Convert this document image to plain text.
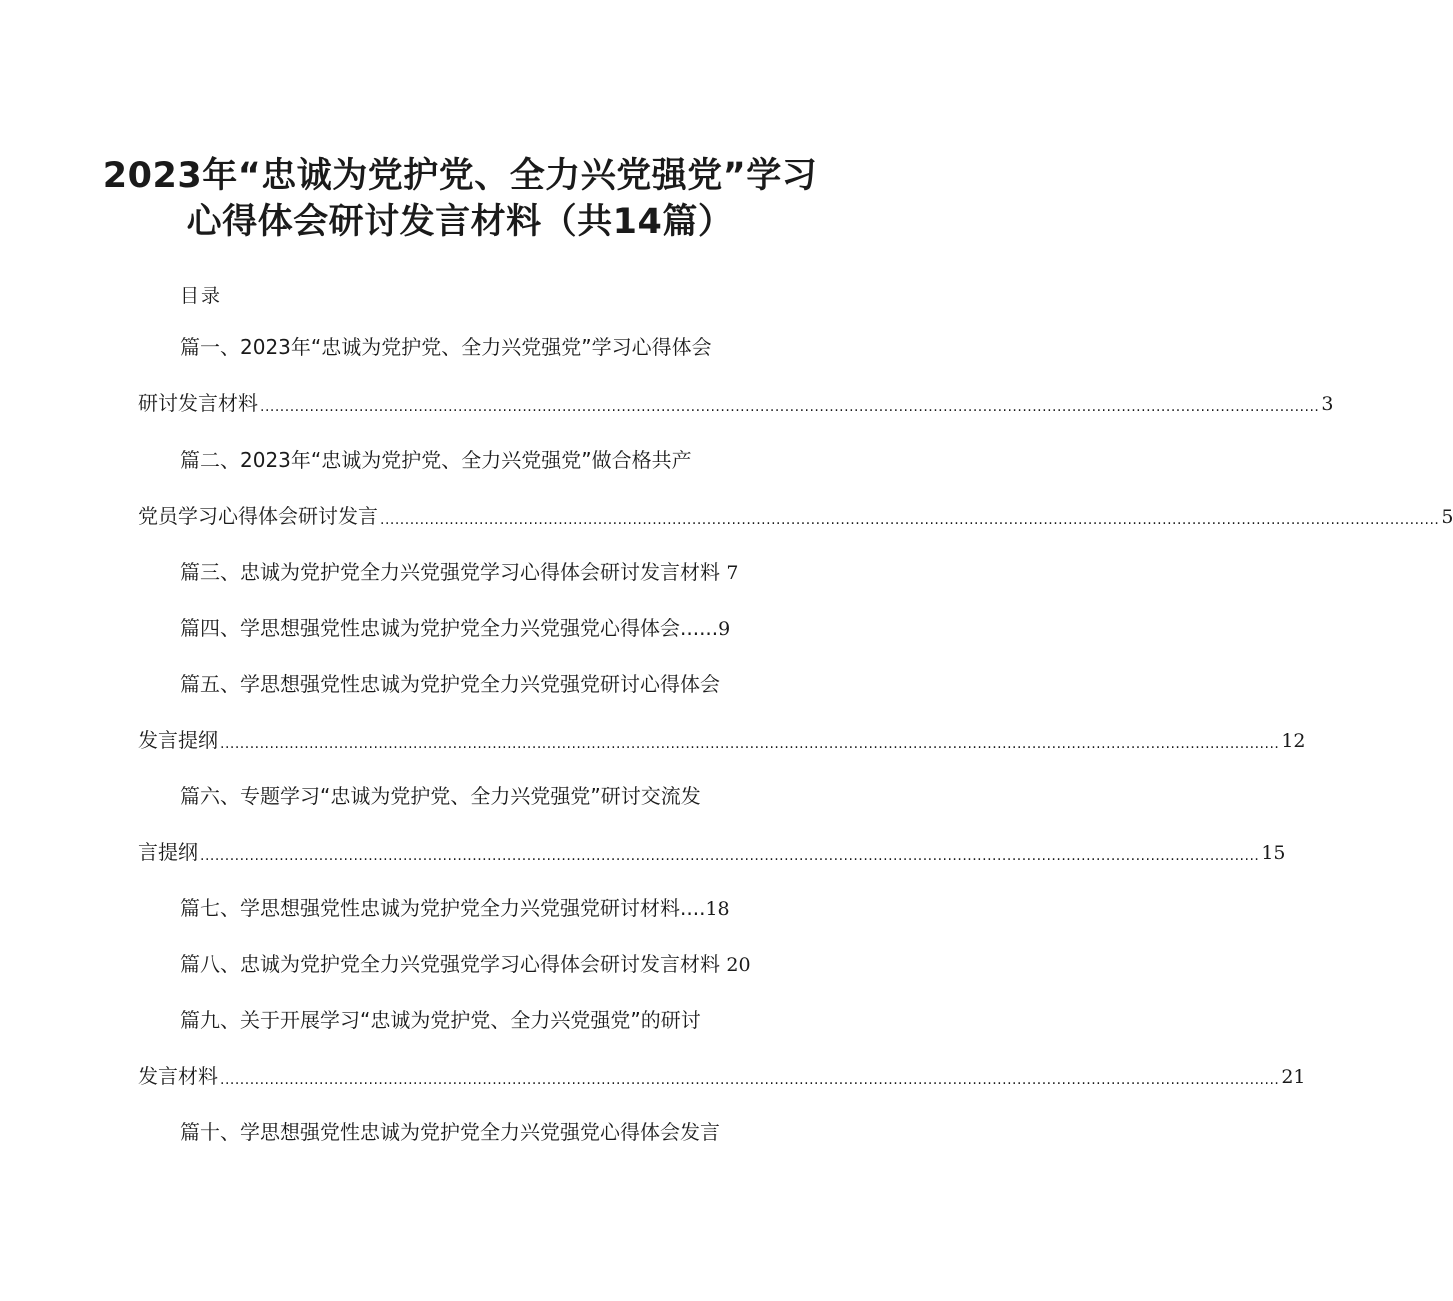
2023年“忠诚为党护党、全力兴党强党”学习
心得体会研讨发言材料（共14篇）
目录
篇一、2023年“忠诚为党护党、全力兴党强党”学习心得体会
研讨发言材料 ...................................................................................................................................................................................................................... 3
篇二、2023年“忠诚为党护党、全力兴党强党”做合格共产
党员学习心得体会研讨发言 ...................................................................................................................................................................................................................... 5
篇三、忠诚为党护党全力兴党强党学习心得体会研讨发言材料 7
篇四、学思想强党性忠诚为党护党全力兴党强党心得体会......9
篇五、学思想强党性忠诚为党护党全力兴党强党研讨心得体会
发言提纲 ...................................................................................................................................................................................................................... 12
篇六、专题学习“忠诚为党护党、全力兴党强党”研讨交流发
言提纲 ...................................................................................................................................................................................................................... 15
篇七、学思想强党性忠诚为党护党全力兴党强党研讨材料....18
篇八、忠诚为党护党全力兴党强党学习心得体会研讨发言材料 20
篇九、关于开展学习“忠诚为党护党、全力兴党强党”的研讨
发言材料 ...................................................................................................................................................................................................................... 21
篇十、学思想强党性忠诚为党护党全力兴党强党心得体会发言
